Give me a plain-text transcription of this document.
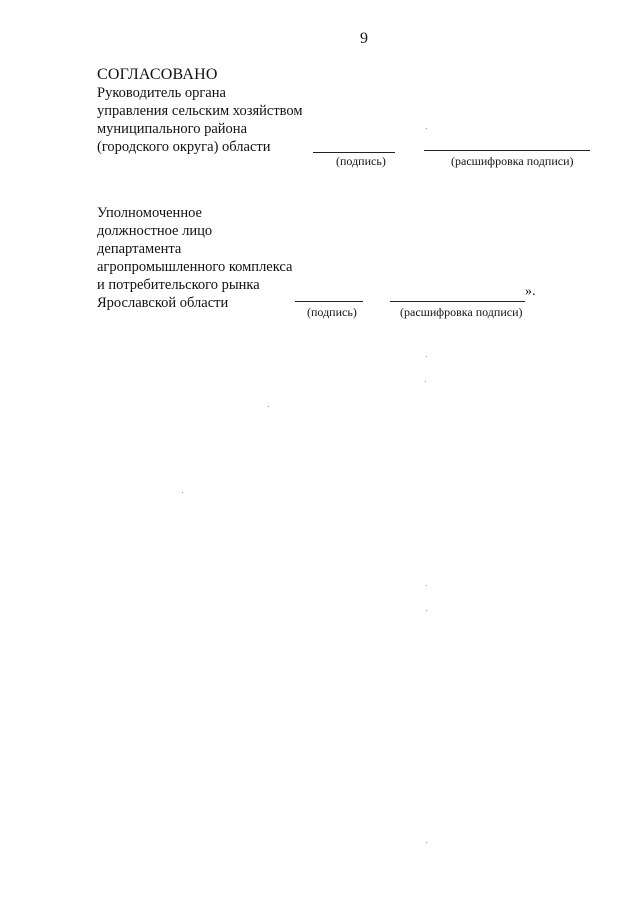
9
СОГЛАСОВАНО
Руководитель органа
управления сельским хозяйством
муниципального района
(городского округа) области
(подпись)	(расшифровка подписи)
Уполномоченное
должностное лицо
департамента
агропромышленного комплекса
и потребительского рынка
Ярославской области
».
(подпись)	(расшифровка подписи)
